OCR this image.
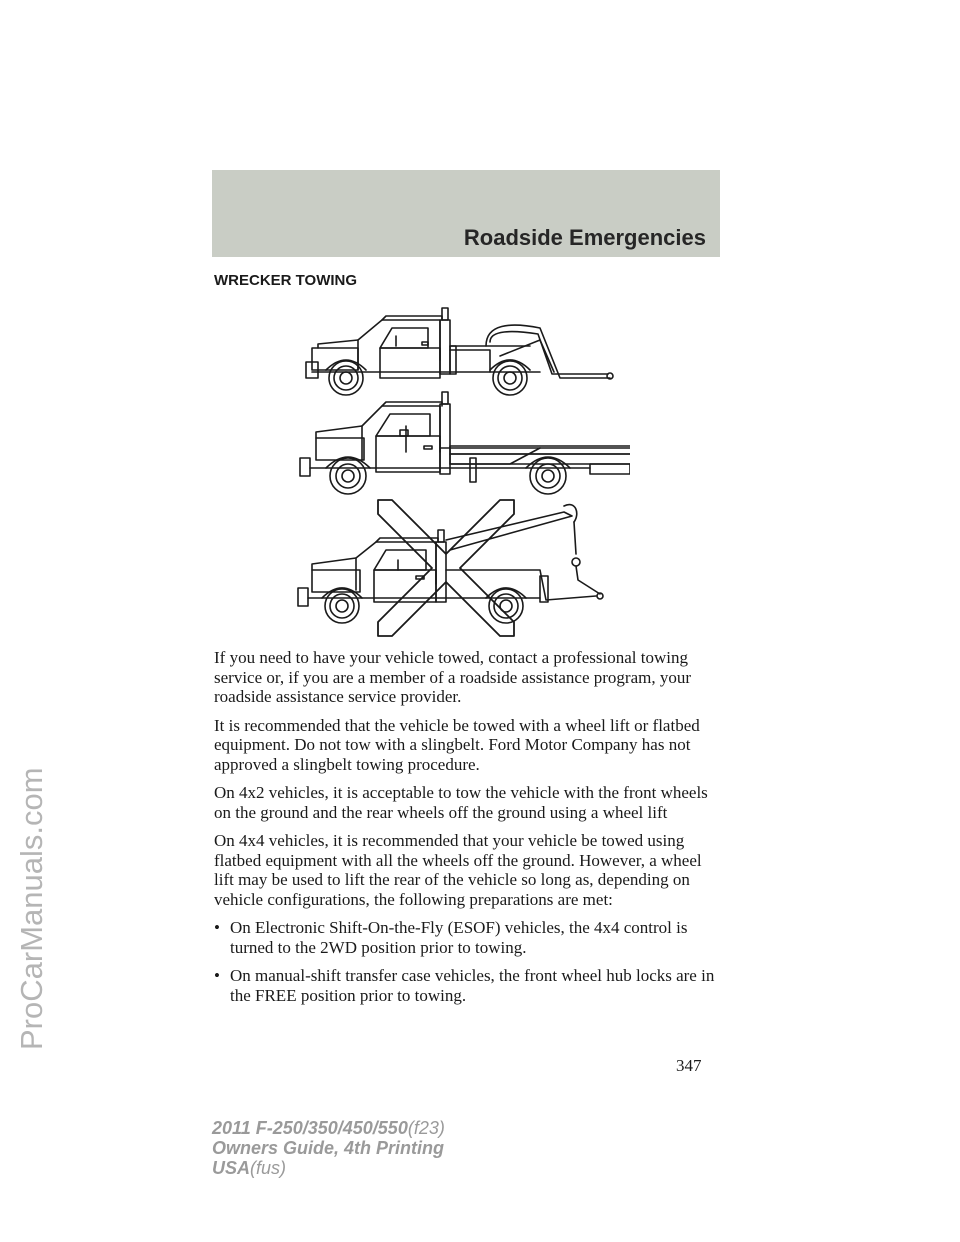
Roadside Emergencies
WRECKER TOWING

If you need to have your vehicle towed, contact a professional towing service or, if you are a member of a roadside assistance program, your roadside assistance service provider.

It is recommended that the vehicle be towed with a wheel lift or flatbed equipment. Do not tow with a slingbelt. Ford Motor Company has not approved a slingbelt towing procedure.

On 4x2 vehicles, it is acceptable to tow the vehicle with the front wheels on the ground and the rear wheels off the ground using a wheel lift

On 4x4 vehicles, it is recommended that your vehicle be towed using flatbed equipment with all the wheels off the ground. However, a wheel lift may be used to lift the rear of the vehicle so long as, depending on vehicle configurations, the following preparations are met:

• On Electronic Shift-On-the-Fly (ESOF) vehicles, the 4x4 control is turned to the 2WD position prior to towing.
• On manual-shift transfer case vehicles, the front wheel hub locks are in the FREE position prior to towing.
347
2011 F-250/350/450/550(f23)
Owners Guide, 4th Printing
USA(fus)
ProCarManuals.com
